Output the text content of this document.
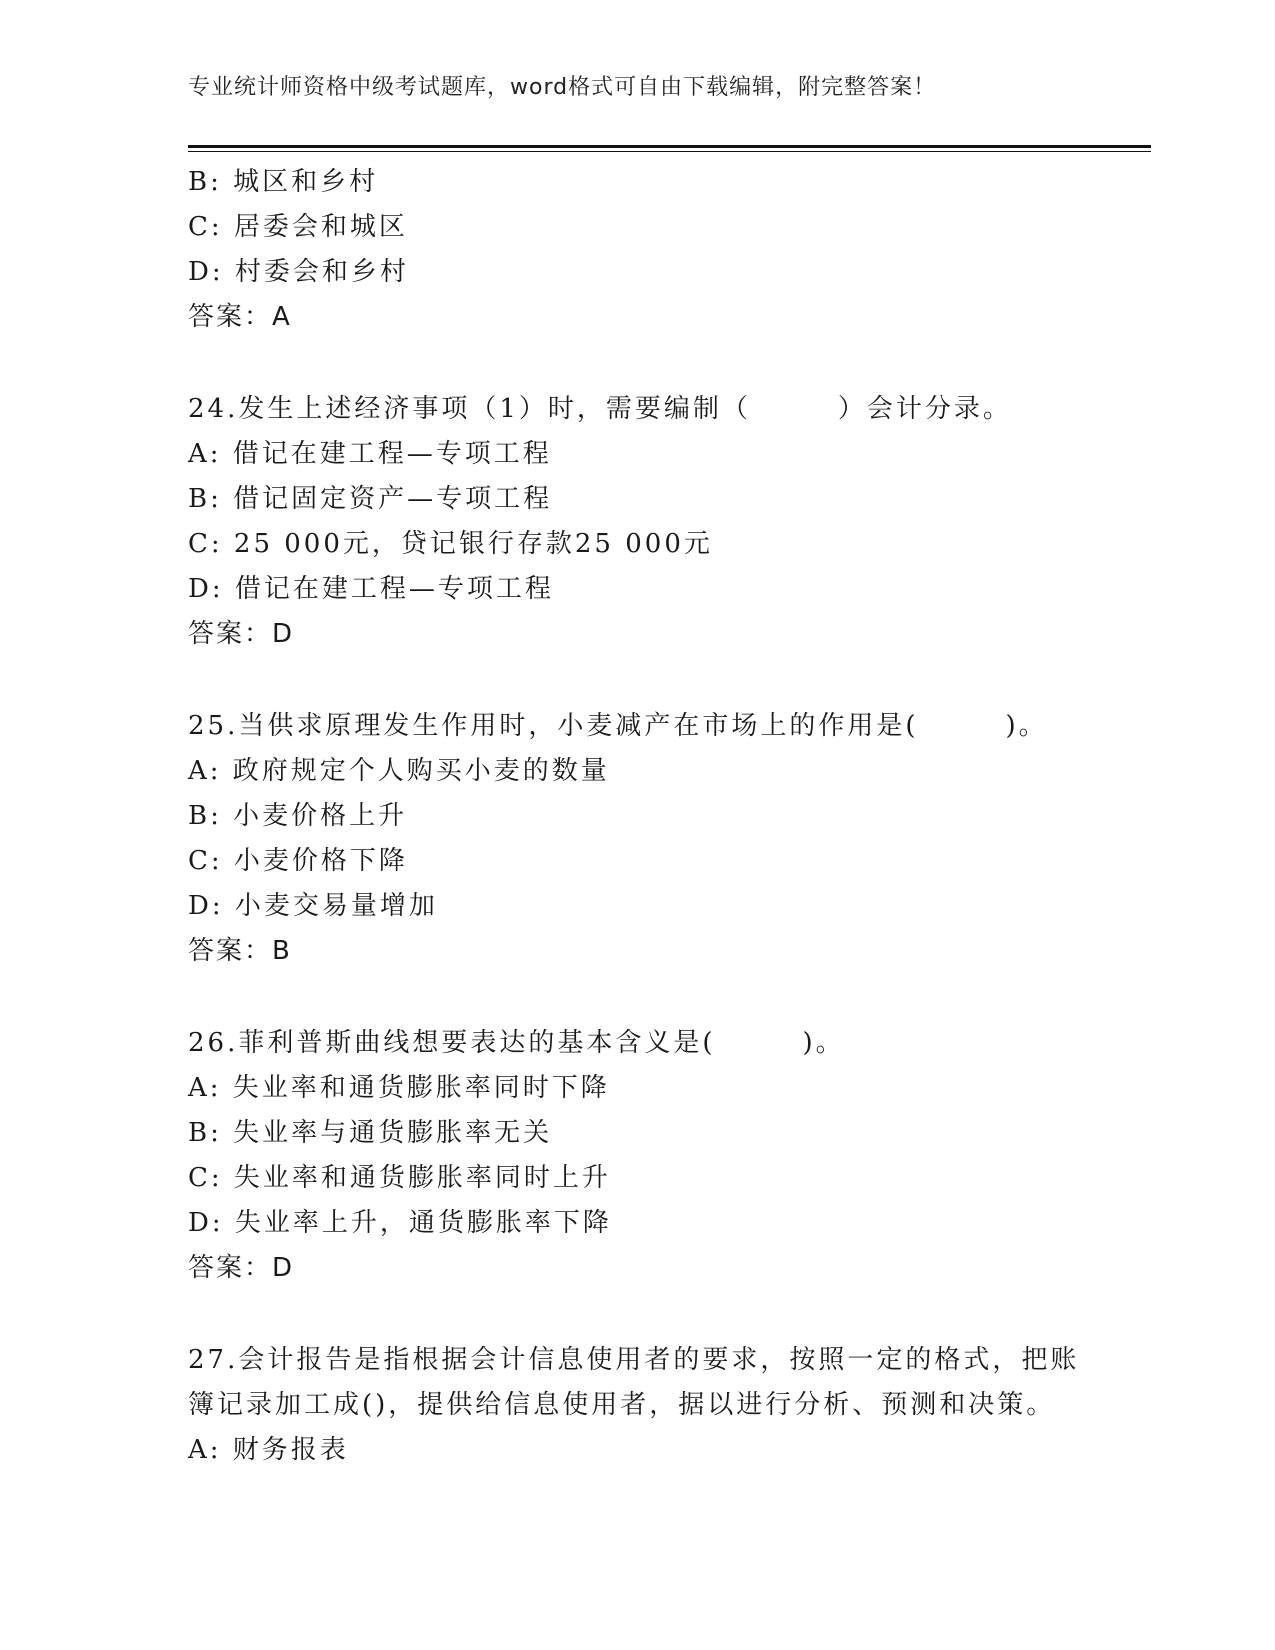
专业统计师资格中级考试题库，word格式可自由下载编辑，附完整答案！
B: 城区和乡村
C: 居委会和城区
D: 村委会和乡村
答案：A
24.发生上述经济事项（1）时，需要编制（　　　）会计分录。
A: 借记在建工程—专项工程
B: 借记固定资产—专项工程
C: 25 000元，贷记银行存款25 000元
D: 借记在建工程—专项工程
答案：D
25.当供求原理发生作用时，小麦减产在市场上的作用是(　　　)。
A: 政府规定个人购买小麦的数量
B: 小麦价格上升
C: 小麦价格下降
D: 小麦交易量增加
答案：B
26.菲利普斯曲线想要表达的基本含义是(　　　)。
A: 失业率和通货膨胀率同时下降
B: 失业率与通货膨胀率无关
C: 失业率和通货膨胀率同时上升
D: 失业率上升，通货膨胀率下降
答案：D
27.会计报告是指根据会计信息使用者的要求，按照一定的格式，把账
簿记录加工成()，提供给信息使用者，据以进行分析、预测和决策。
A: 财务报表
